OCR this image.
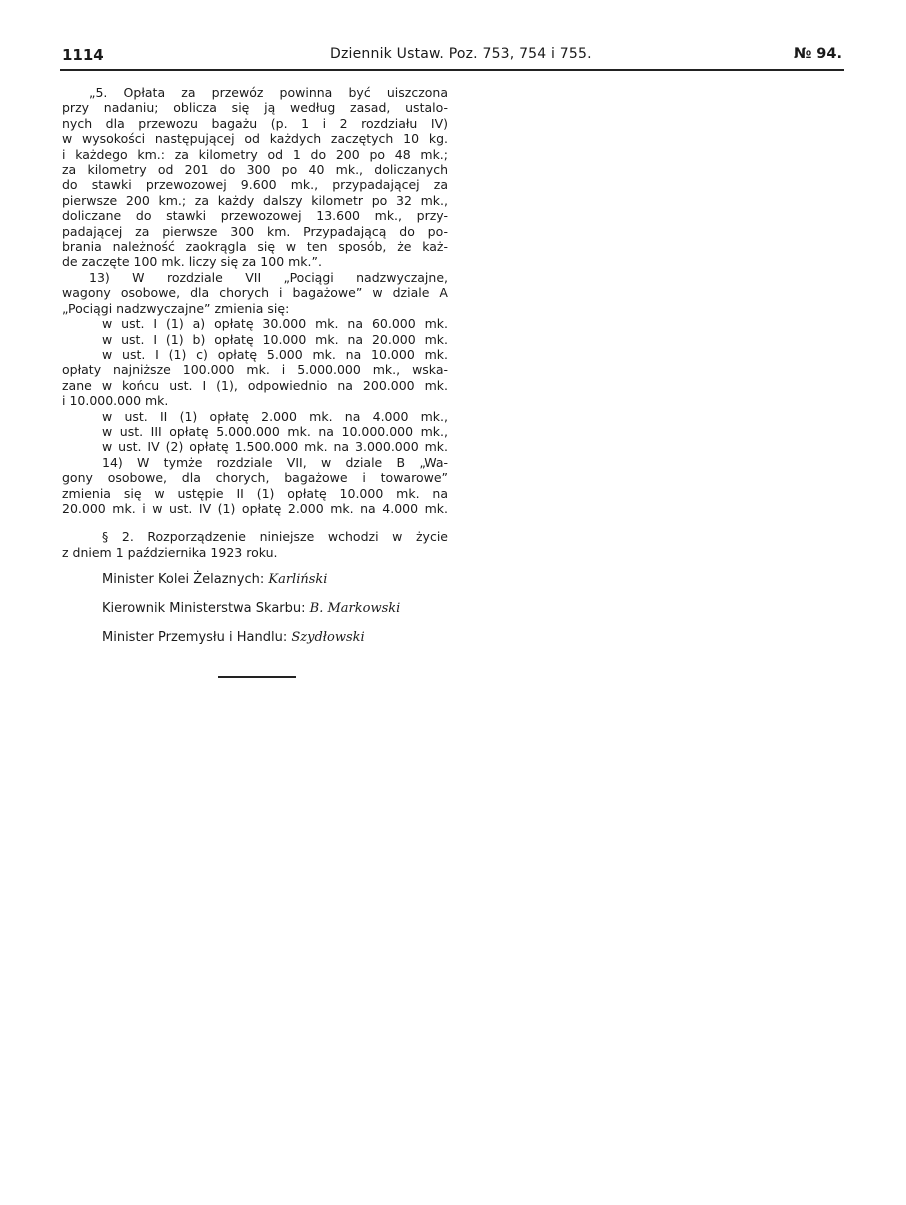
1114	Dziennik Ustaw. Poz. 753, 754 i 755.	№ 94.

„5. Opłata za przewóz powinna być uiszczona

przy nadaniu; oblicza się ją według zasad, ustalo-

nych dla przewozu bagażu (p. 1 i 2 rozdziału IV)

w wysokości następującej od każdych zaczętych 10 kg.

i każdego km.: za kilometry od 1 do 200 po 48 mk.;

za kilometry od 201 do 300 po 40 mk., doliczanych

do stawki przewozowej 9.600 mk., przypadającej za

pierwsze 200 km.; za każdy dalszy kilometr po 32 mk.,

doliczane do stawki przewozowej 13.600 mk., przy-

padającej za pierwsze 300 km. Przypadającą do po-

brania należność zaokrągla się w ten sposób, że każ-

de zaczęte 100 mk. liczy się za 100 mk.”.

13) W rozdziale VII „Pociągi nadzwyczajne,

wagony osobowe, dla chorych i bagażowe” w dziale A

„Pociągi nadzwyczajne” zmienia się:

w ust. I (1) a) opłatę 30.000 mk. na 60.000 mk.

w ust. I (1) b) opłatę 10.000 mk. na 20.000 mk.

w ust. I (1) c) opłatę 5.000 mk. na 10.000 mk.

opłaty najniższe 100.000 mk. i 5.000.000 mk., wska-

zane w końcu ust. I (1), odpowiednio na 200.000 mk.

i 10.000.000 mk.

w ust. II (1) opłatę 2.000 mk. na 4.000 mk.,

w ust. III opłatę 5.000.000 mk. na 10.000.000 mk.,

w ust. IV (2) opłatę 1.500.000 mk. na 3.000.000 mk.

14) W tymże rozdziale VII, w dziale B „Wa-

gony osobowe, dla chorych, bagażowe i towarowe”

zmienia się w ustępie II (1) opłatę 10.000 mk. na

20.000 mk. i w ust. IV (1) opłatę 2.000 mk. na 4.000 mk.

§ 2. Rozporządzenie niniejsze wchodzi w życie

z dniem 1 października 1923 roku.

Minister Kolei Żelaznych: Karliński

Kierownik Ministerstwa Skarbu: B. Markowski

Minister Przemysłu i Handlu: Szydłowski
